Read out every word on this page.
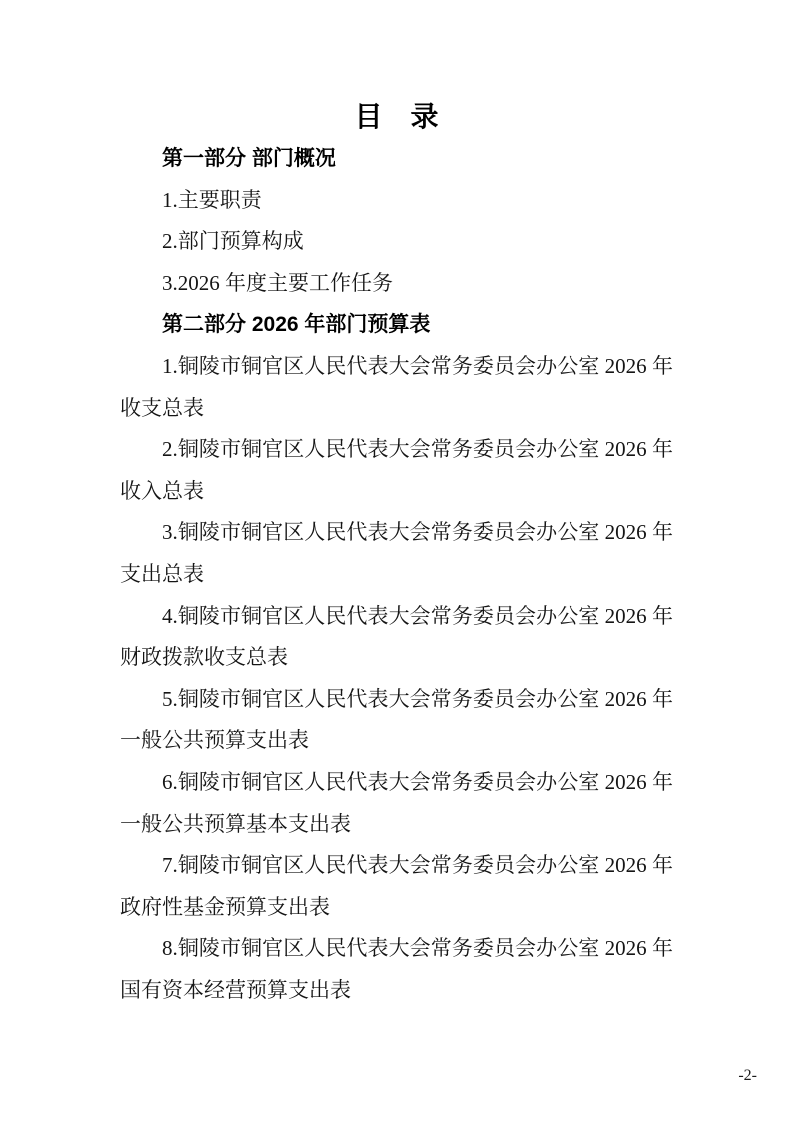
目　录
第一部分 部门概况

1.主要职责

2.部门预算构成

3.2026 年度主要工作任务

第二部分 2026 年部门预算表

1.铜陵市铜官区人民代表大会常务委员会办公室 2026 年收支总表

2.铜陵市铜官区人民代表大会常务委员会办公室 2026 年收入总表

3.铜陵市铜官区人民代表大会常务委员会办公室 2026 年支出总表

4.铜陵市铜官区人民代表大会常务委员会办公室 2026 年财政拨款收支总表

5.铜陵市铜官区人民代表大会常务委员会办公室 2026 年一般公共预算支出表

6.铜陵市铜官区人民代表大会常务委员会办公室 2026 年一般公共预算基本支出表

7.铜陵市铜官区人民代表大会常务委员会办公室 2026 年政府性基金预算支出表

8.铜陵市铜官区人民代表大会常务委员会办公室 2026 年国有资本经营预算支出表

-2-
